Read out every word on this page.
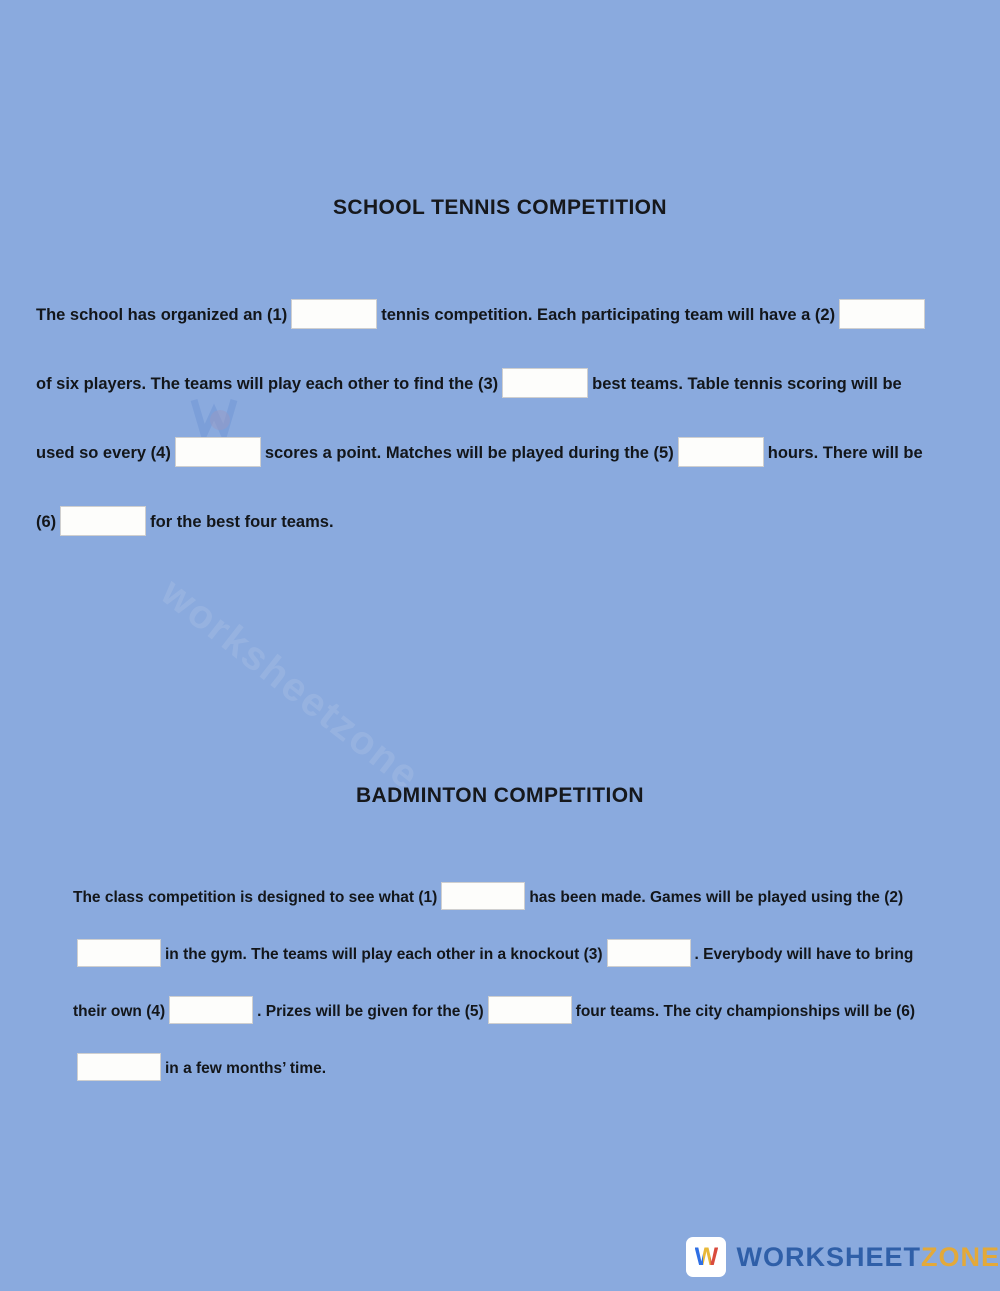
worksheetzone
SCHOOL TENNIS COMPETITION
The school has organized an (1)	tennis competition. Each participating team will have a (2)of six players. The teams will play each other to find the (3)	best teams. Table tennis scoring will be used so every (4)	scores a point. Matches will be played during the (5)	hours. There will be (6)	for the best four teams.
BADMINTON COMPETITION
The class competition is designed to see what (1)	has been made. Games will be played using the (2)in the gym. The teams will play each other in a knockout (3)	. Everybody will have to bring their own (4)	. Prizes will be given for the (5)	four teams. The city championships will be (6)in a few months’ time.
W WORKSHEETZONE
